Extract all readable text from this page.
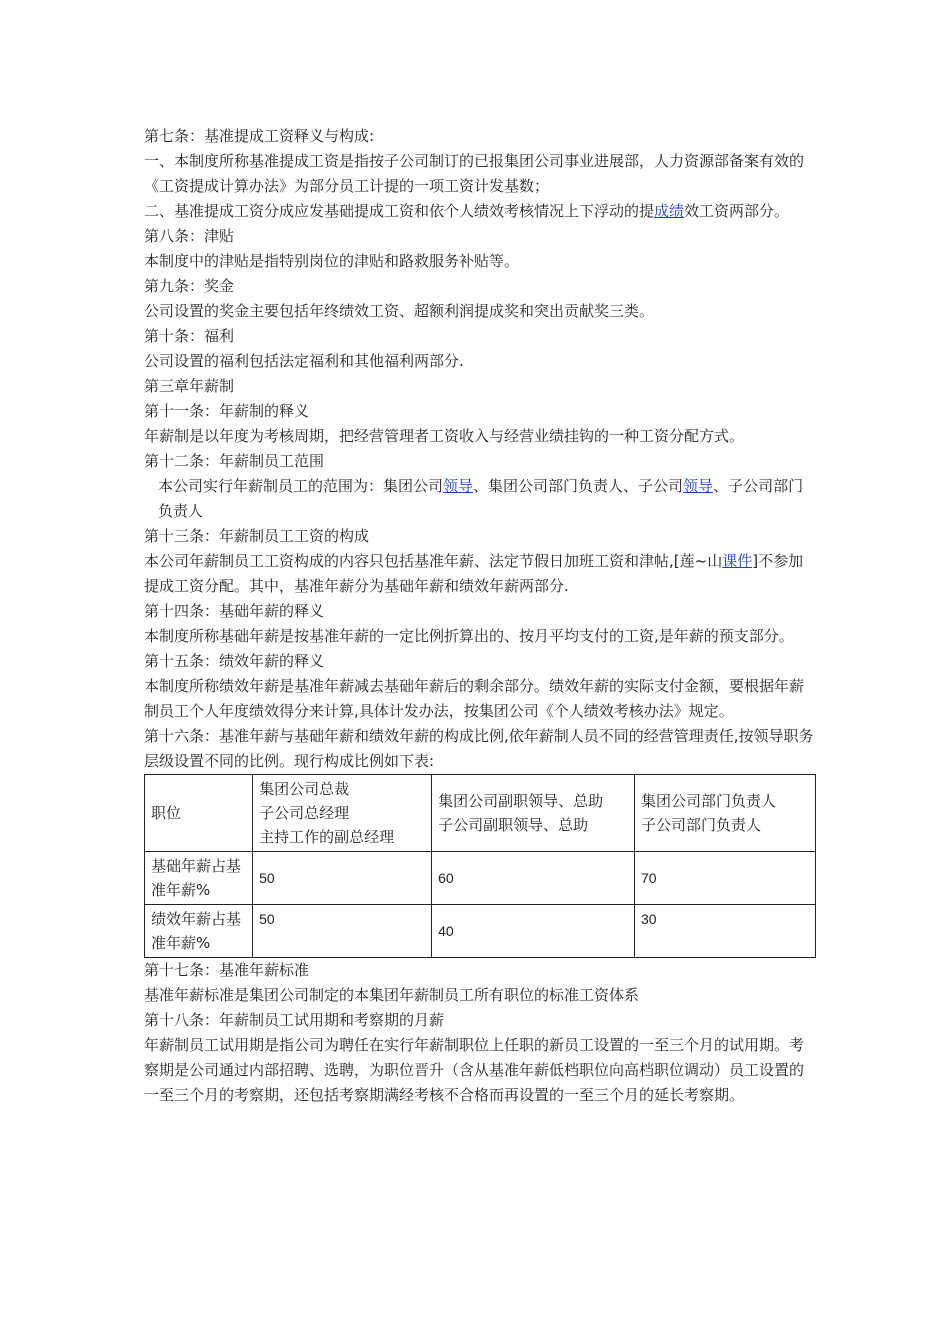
第七条：基准提成工资释义与构成:

一、本制度所称基准提成工资是指按子公司制订的已报集团公司事业进展部，人力资源部备案有效的《工资提成计算办法》为部分员工计提的一项工资计发基数；

二、基准提成工资分成应发基础提成工资和依个人绩效考核情况上下浮动的提成绩效工资两部分。

第八条：津贴

本制度中的津贴是指特别岗位的津贴和路救服务补贴等。

第九条：奖金

公司设置的奖金主要包括年终绩效工资、超额利润提成奖和突出贡献奖三类。

第十条：福利

公司设置的福利包括法定福利和其他福利两部分.

第三章年薪制

第十一条：年薪制的释义

年薪制是以年度为考核周期，把经营管理者工资收入与经营业绩挂钩的一种工资分配方式。

第十二条：年薪制员工范围

本公司实行年薪制员工的范围为：集团公司领导、集团公司部门负责人、子公司领导、子公司部门负责人

第十三条：年薪制员工工资的构成

本公司年薪制员工工资构成的内容只包括基准年薪、法定节假日加班工资和津帖,[莲~山课件]不参加提成工资分配。其中，基准年薪分为基础年薪和绩效年薪两部分.

第十四条：基础年薪的释义

本制度所称基础年薪是按基准年薪的一定比例折算出的、按月平均支付的工资,是年薪的预支部分。

第十五条：绩效年薪的释义

本制度所称绩效年薪是基准年薪减去基础年薪后的剩余部分。绩效年薪的实际支付金额，要根据年薪制员工个人年度绩效得分来计算,具体计发办法，按集团公司《个人绩效考核办法》规定。

第十六条：基准年薪与基础年薪和绩效年薪的构成比例,依年薪制人员不同的经营管理责任,按领导职务层级设置不同的比例。现行构成比例如下表:

职位	集团公司总裁
子公司总经理
主持工作的副总经理	集团公司副职领导、总助
子公司副职领导、总助	集团公司部门负责人
子公司部门负责人

基础年薪占基准年薪%	50	60	70
绩效年薪占基准年薪%	50	40	30

第十七条：基准年薪标准

基准年薪标准是集团公司制定的本集团年薪制员工所有职位的标准工资体系

第十八条：年薪制员工试用期和考察期的月薪

年薪制员工试用期是指公司为聘任在实行年薪制职位上任职的新员工设置的一至三个月的试用期。考察期是公司通过内部招聘、选聘，为职位晋升（含从基准年薪低档职位向高档职位调动）员工设置的一至三个月的考察期，还包括考察期满经考核不合格而再设置的一至三个月的延长考察期。
